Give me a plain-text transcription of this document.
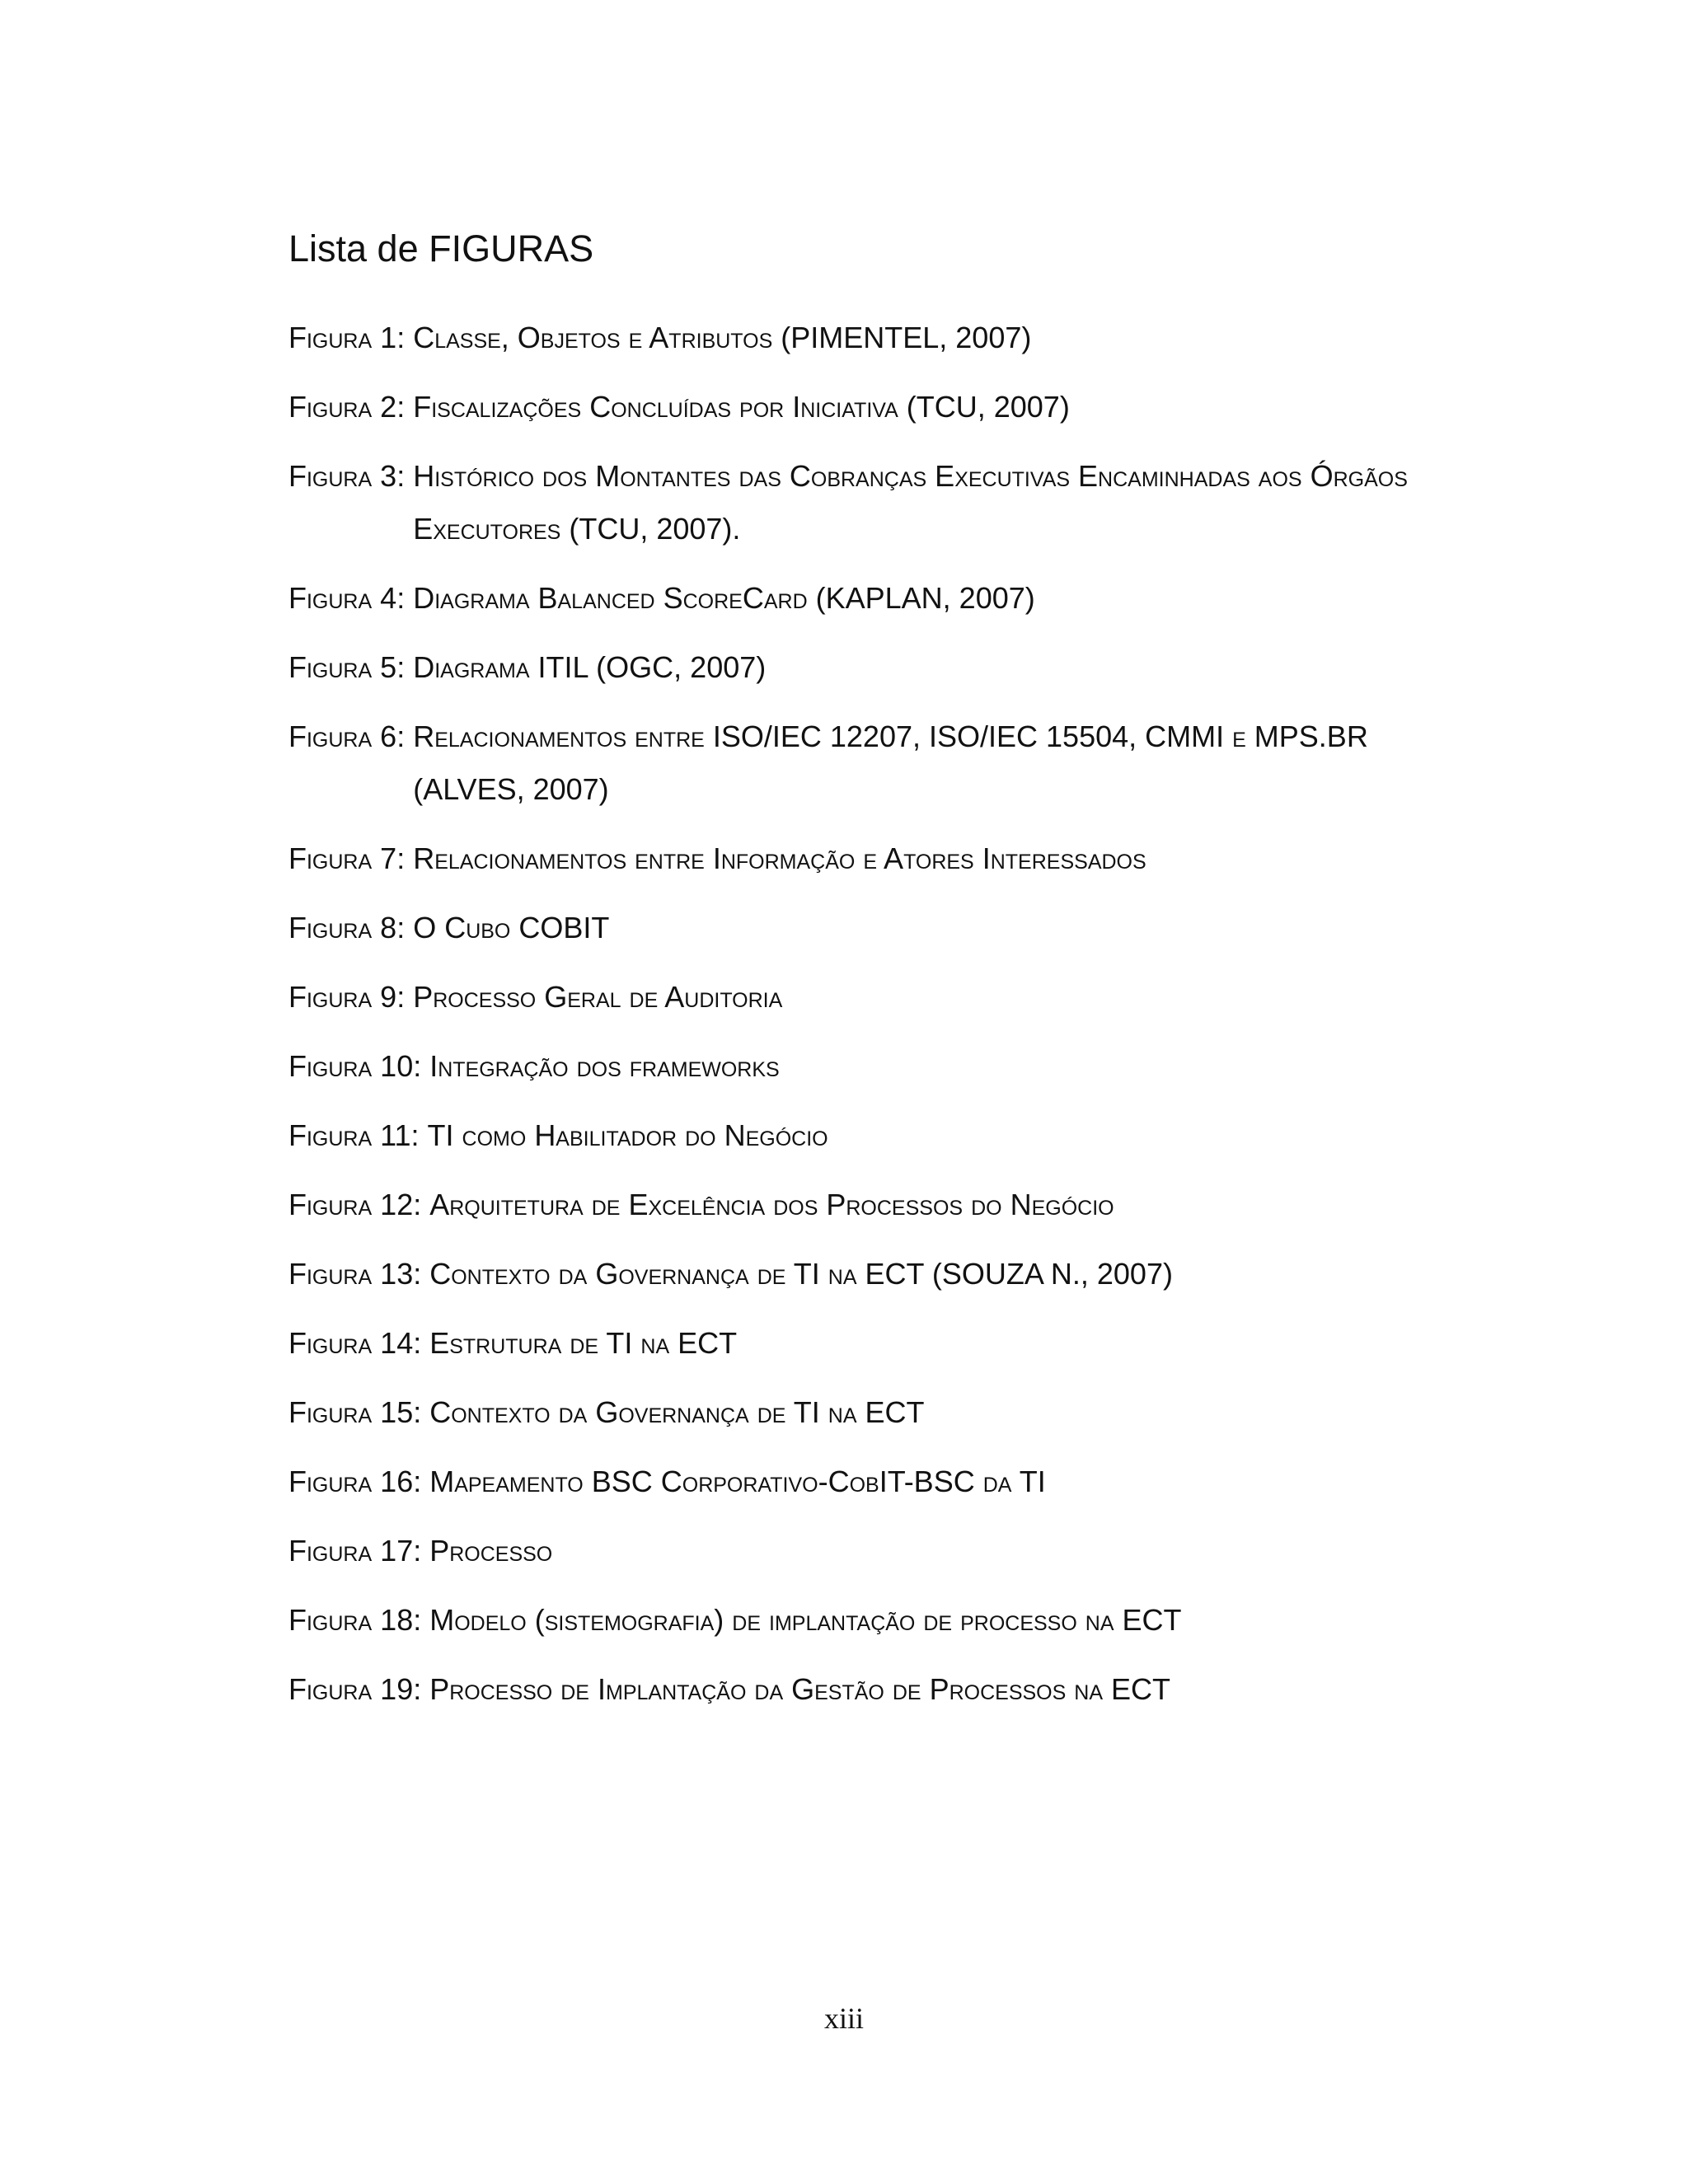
Lista de FIGURAS
Figura 1: Classe, Objetos e Atributos (PIMENTEL, 2007)
Figura 2: Fiscalizações Concluídas por Iniciativa (TCU, 2007)
Figura 3: Histórico dos Montantes das Cobranças Executivas Encaminhadas aos Órgãos Executores (TCU, 2007).
Figura 4: Diagrama Balanced ScoreCard (KAPLAN, 2007)
Figura 5: Diagrama ITIL (OGC, 2007)
Figura 6: Relacionamentos entre ISO/IEC 12207, ISO/IEC 15504, CMMI e MPS.BR (ALVES, 2007)
Figura 7: Relacionamentos entre Informação e Atores Interessados
Figura 8: O Cubo COBIT
Figura 9: Processo Geral de Auditoria
Figura 10: Integração dos frameworks
Figura 11: TI como Habilitador do Negócio
Figura 12: Arquitetura de Excelência dos Processos do Negócio
Figura 13: Contexto da Governança de TI na ECT (SOUZA N., 2007)
Figura 14: Estrutura de TI na ECT
Figura 15: Contexto da Governança de TI na ECT
Figura 16: Mapeamento BSC Corporativo-CobIT-BSC da TI
Figura 17: Processo
Figura 18: Modelo (sistemografia) de implantação de processo na ECT
Figura 19: Processo de Implantação da Gestão de Processos na ECT
xiii
